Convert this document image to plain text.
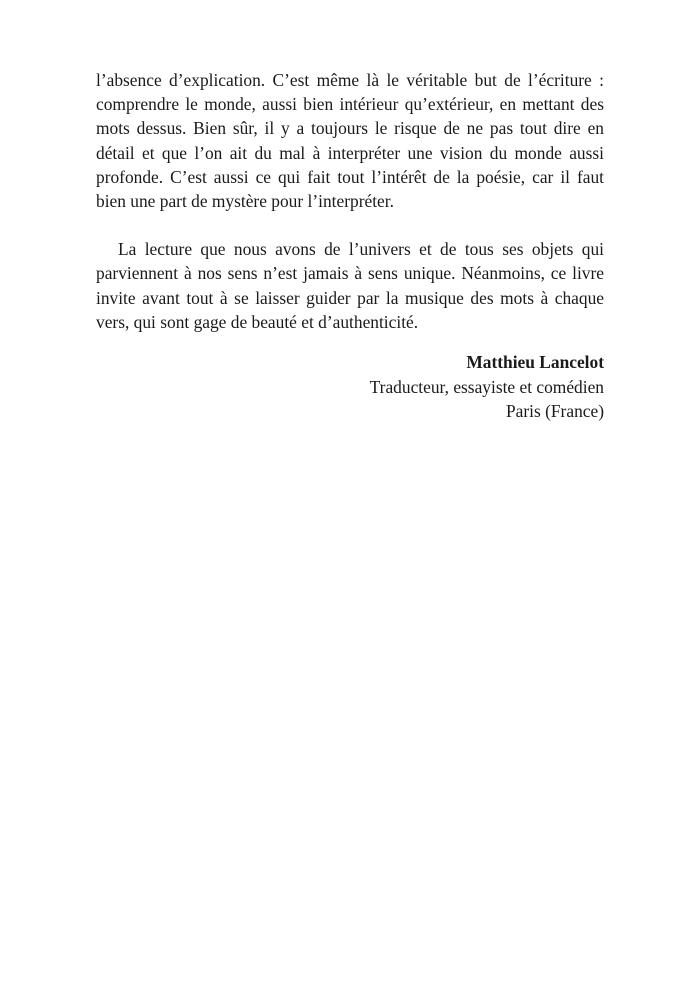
l’absence d’explication. C’est même là le véritable but de l’écriture : comprendre le monde, aussi bien intérieur qu’extérieur, en mettant des mots dessus. Bien sûr, il y a toujours le risque de ne pas tout dire en détail et que l’on ait du mal à interpréter une vision du monde aussi profonde. C’est aussi ce qui fait tout l’intérêt de la poésie, car il faut bien une part de mystère pour l’interpréter.

La lecture que nous avons de l’univers et de tous ses objets qui parviennent à nos sens n’est jamais à sens unique. Néanmoins, ce livre invite avant tout à se laisser guider par la musique des mots à chaque vers, qui sont gage de beauté et d’authenticité.

Matthieu Lancelot
Traducteur, essayiste et comédien
Paris (France)
